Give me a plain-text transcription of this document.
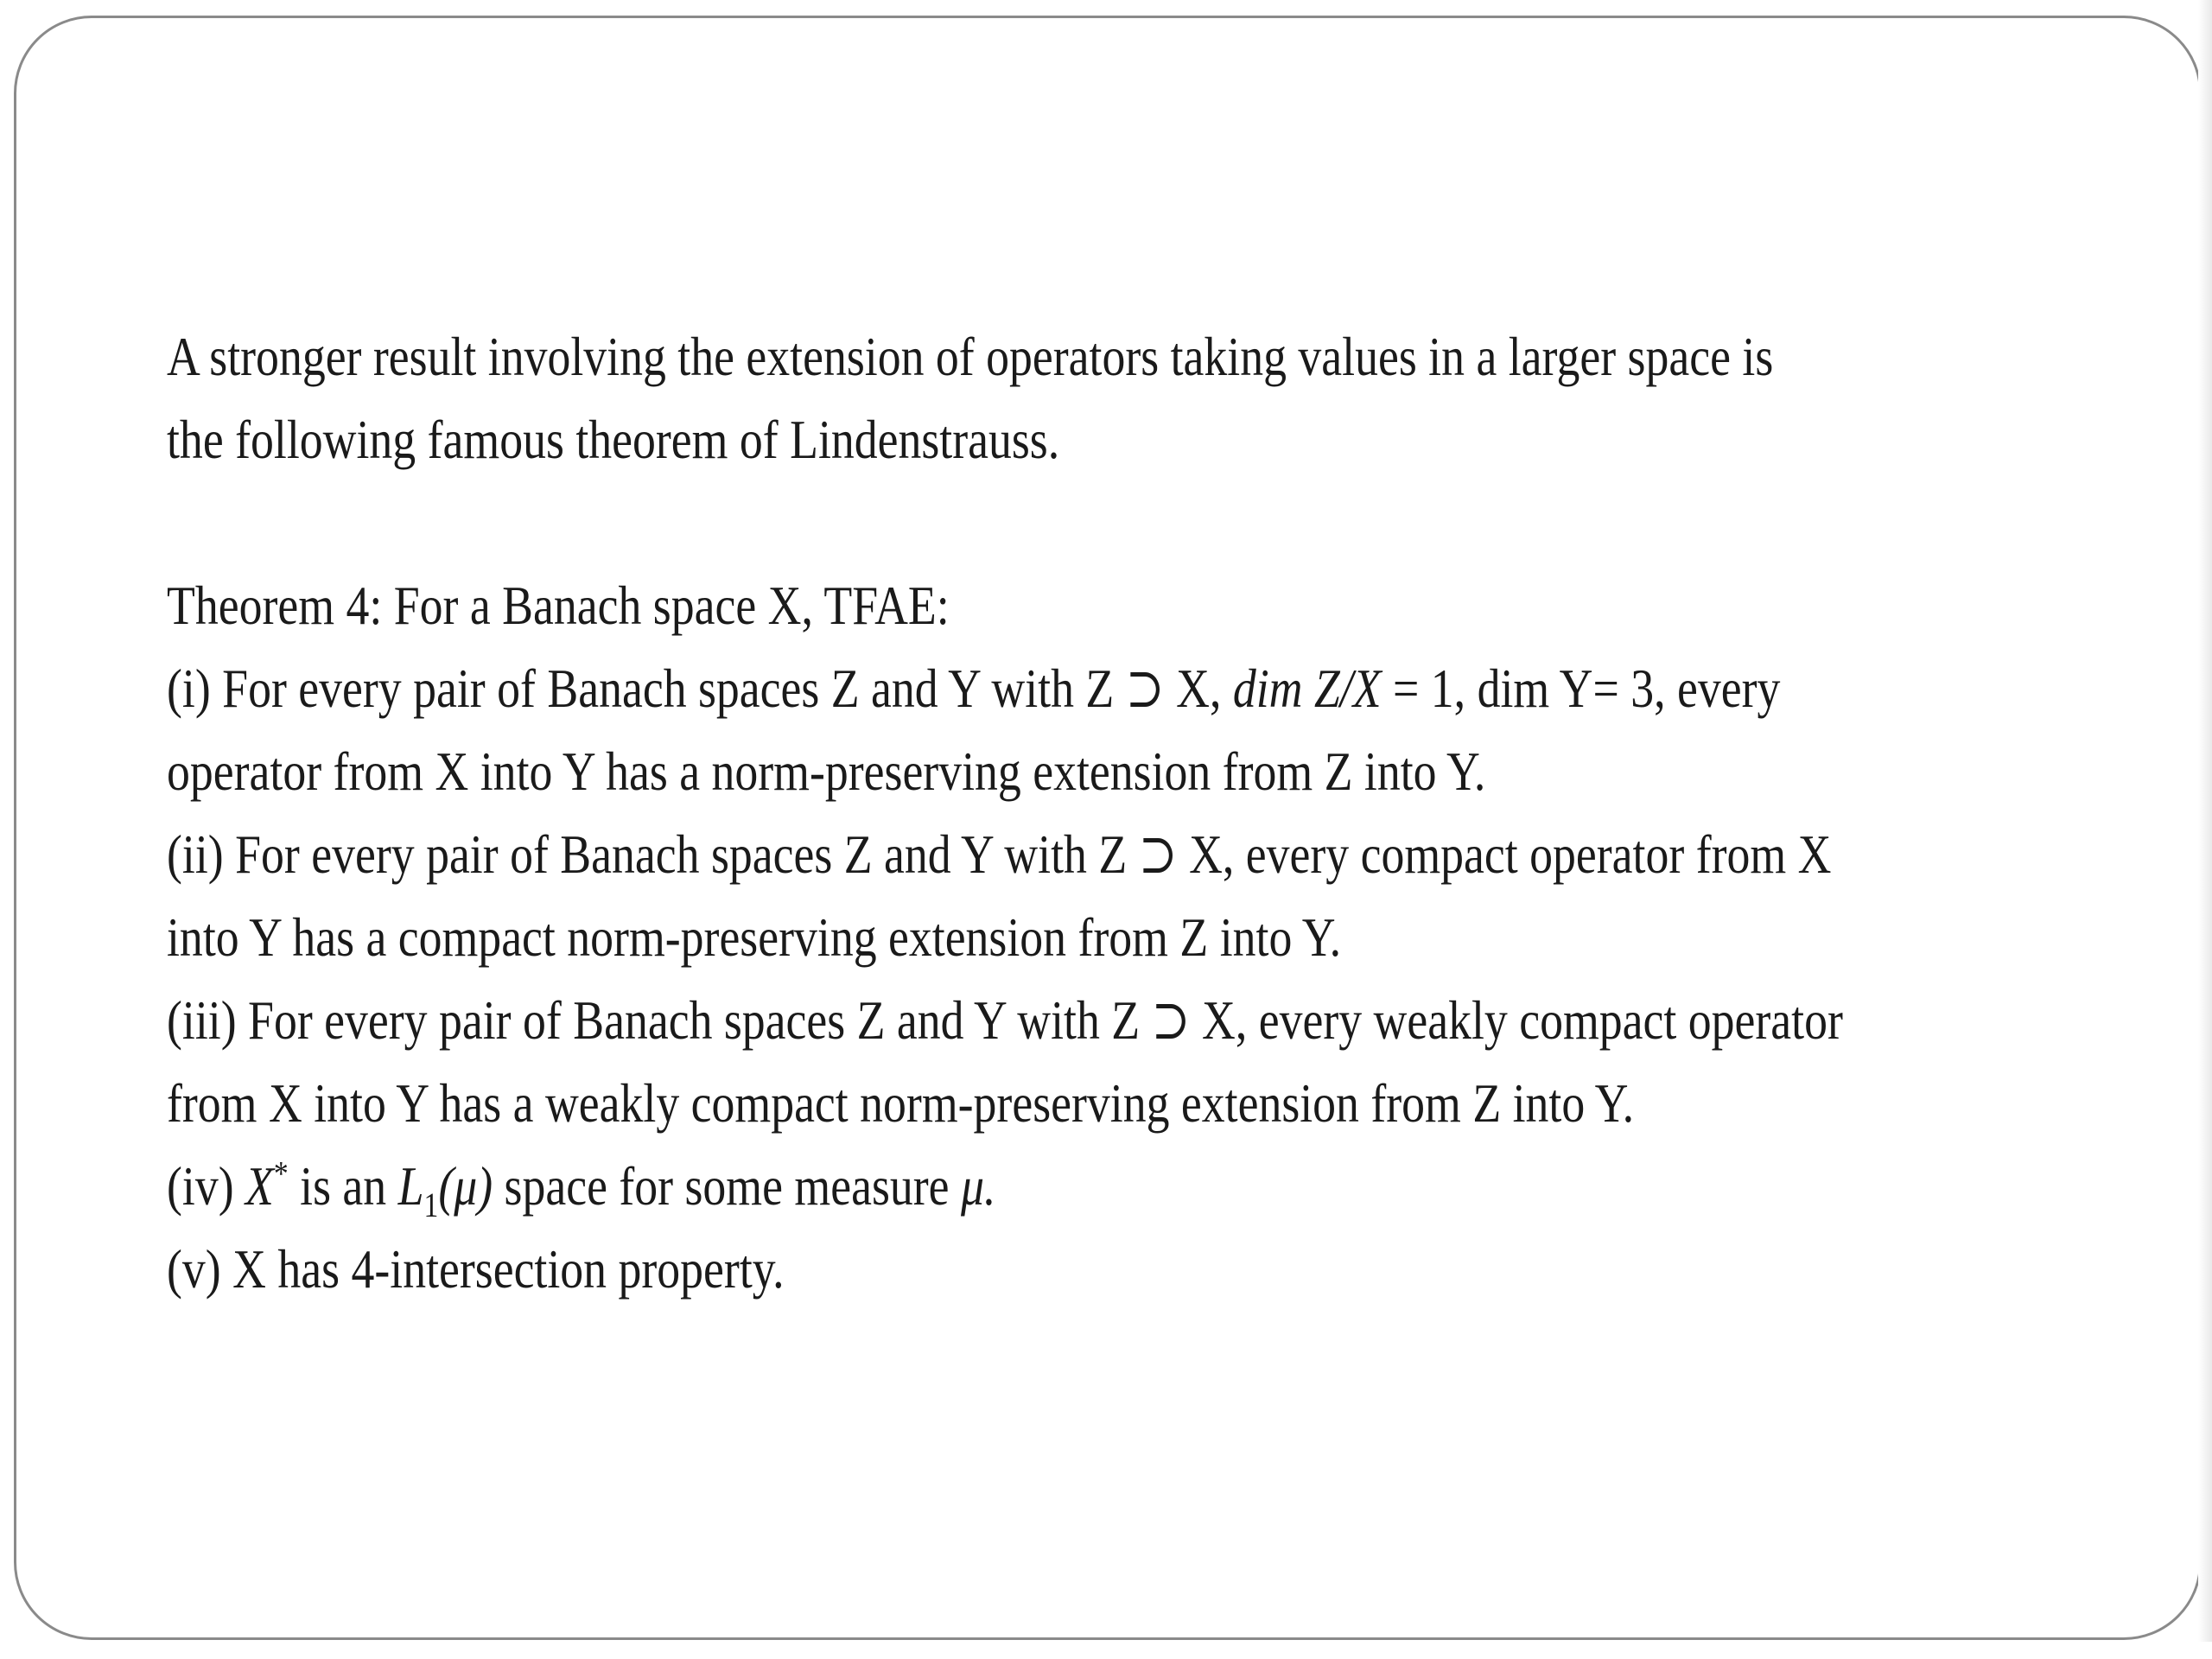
A stronger result involving the extension of operators taking values in a larger space is
the following famous theorem of Lindenstrauss.

Theorem 4: For a Banach space X, TFAE:
(i) For every pair of Banach spaces Z and Y with Z ⊃ X, dim Z/X = 1, dim Y= 3, every
operator from X into Y has a norm-preserving extension from Z into Y.
(ii) For every pair of Banach spaces Z and Y with Z ⊃ X, every compact operator from X
into Y has a compact norm-preserving extension from Z into Y.
(iii) For every pair of Banach spaces Z and Y with Z ⊃ X, every weakly compact operator
from X into Y has a weakly compact norm-preserving extension from Z into Y.
(iv) X* is an $L_1(\mu)$ space for some measure μ.
(v) X has 4-intersection property.
